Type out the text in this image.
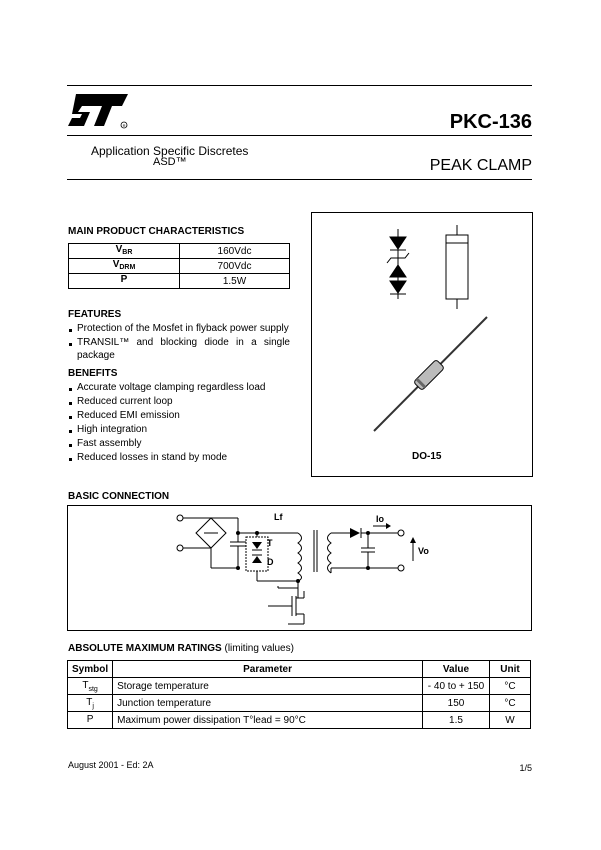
R	PKC-136
Application Specific Discretes
ASD™	PEAK CLAMP
MAIN PRODUCT CHARACTERISTICS
$V_{BR}$	160Vdc
$V_{DRM}$	700Vdc
P	1.5W
FEATURES
Protection of the Mosfet in flyback power supply
TRANSIL™ and blocking diode in a single package
BENEFITS
Accurate voltage clamping regardless load
Reduced current loop
Reduced EMI emission
High integration
Fast assembly
Reduced losses in stand by mode	DO-15
BASIC CONNECTION
Lf
T
D
Io
Vo
ABSOLUTE MAXIMUM RATINGS (limiting values)
Symbol	Parameter	Value	Unit
$T_{stg}$	Storage temperature	- 40 to + 150	°C
$T_j$	Junction temperature	150	°C
P	Maximum power dissipation T°lead = 90°C	1.5	W
August 2001 - Ed: 2A	1/5
